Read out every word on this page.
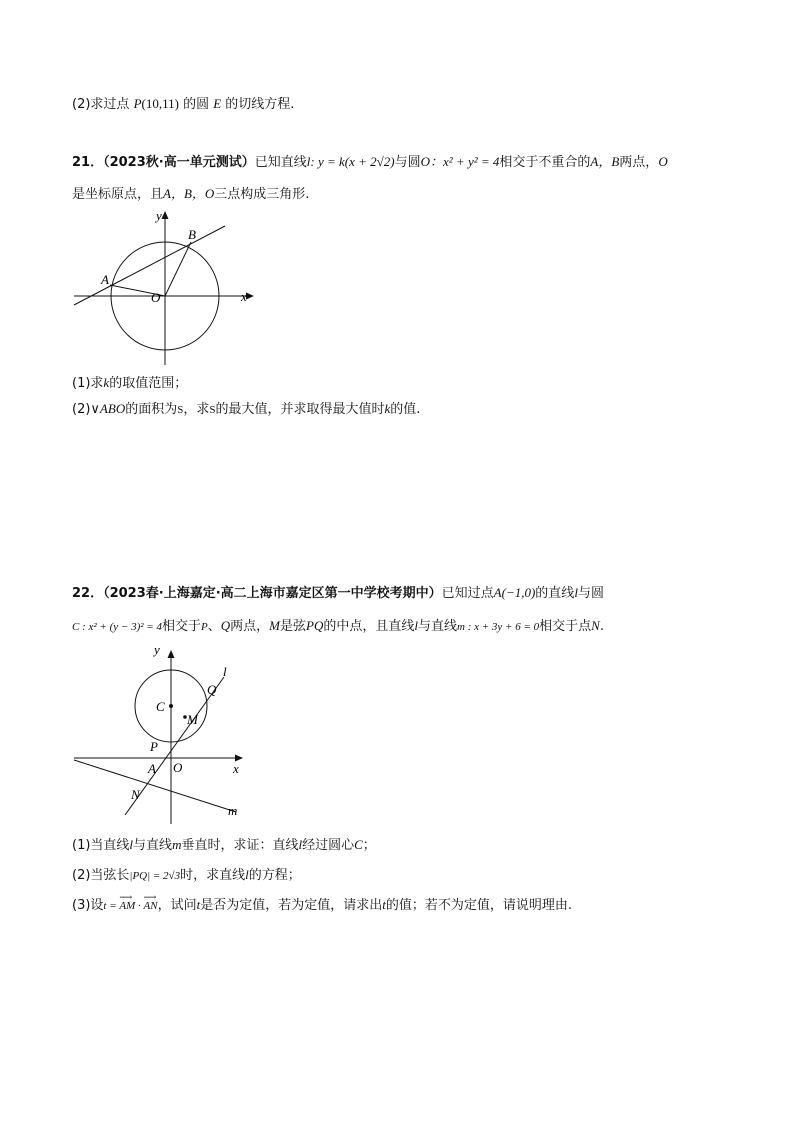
(2)求过点 P(10,11) 的圆 E 的切线方程.
21．（2023秋·高一单元测试）已知直线l: y = k(x + 2√2)与圆O：x² + y² = 4相交于不重合的A，B两点，O
是坐标原点，且A，B，O三点构成三角形.
y
x
A
B
O
(1)求k的取值范围；
(2)∨ABO的面积为S，求S的最大值，并求取得最大值时k的值.
22．（2023春·上海嘉定·高二上海市嘉定区第一中学校考期中）已知过点A(−1,0)的直线l与圆
C : x² + (y − 3)² = 4相交于P、Q两点，M是弦PQ的中点，且直线l与直线m : x + 3y + 6 = 0相交于点N.
y
x
l
Q
C
M
P
A O
N
m
(1)当直线l与直线m垂直时，求证：直线l经过圆心C；
(2)当弦长|PQ| = 2√3时，求直线l的方程；
(3)设t = ⟶ AM · ⟶ AN，试问t是否为定值，若为定值，请求出t的值；若不为定值，请说明理由.
